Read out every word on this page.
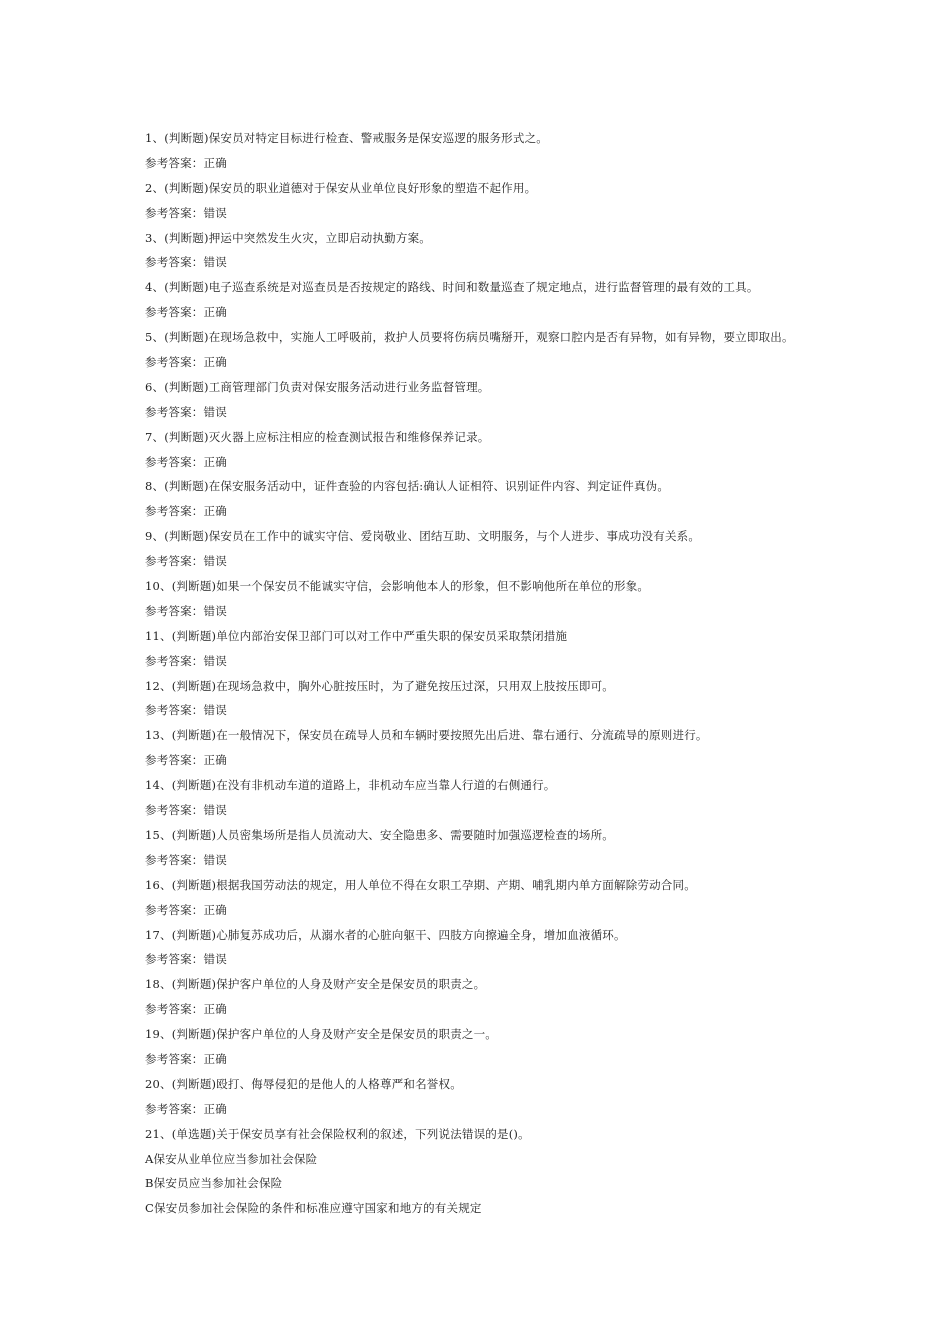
1、(判断题)保安员对特定目标进行检查、警戒服务是保安巡逻的服务形式之。
参考答案：正确
2、(判断题)保安员的职业道德对于保安从业单位良好形象的塑造不起作用。
参考答案：错误
3、(判断题)押运中突然发生火灾，立即启动执勤方案。
参考答案：错误
4、(判断题)电子巡查系统是对巡查员是否按规定的路线、时间和数量巡查了规定地点，进行监督管理的最有效的工具。
参考答案：正确
5、(判断题)在现场急救中，实施人工呼吸前，救护人员要将伤病员嘴掰开，观察口腔内是否有异物，如有异物，要立即取出。
参考答案：正确
6、(判断题)工商管理部门负责对保安服务活动进行业务监督管理。
参考答案：错误
7、(判断题)灭火器上应标注相应的检查测试报告和维修保养记录。
参考答案：正确
8、(判断题)在保安服务活动中，证件查验的内容包括:确认人证相符、识别证件内容、判定证件真伪。
参考答案：正确
9、(判断题)保安员在工作中的诚实守信、爱岗敬业、团结互助、文明服务，与个人进步、事成功没有关系。
参考答案：错误
10、(判断题)如果一个保安员不能诚实守信，会影响他本人的形象，但不影响他所在单位的形象。
参考答案：错误
11、(判断题)单位内部治安保卫部门可以对工作中严重失职的保安员采取禁闭措施
参考答案：错误
12、(判断题)在现场急救中，胸外心脏按压时，为了避免按压过深，只用双上肢按压即可。
参考答案：错误
13、(判断题)在一般情况下，保安员在疏导人员和车辆时要按照先出后进、靠右通行、分流疏导的原则进行。
参考答案：正确
14、(判断题)在没有非机动车道的道路上，非机动车应当靠人行道的右侧通行。
参考答案：错误
15、(判断题)人员密集场所是指人员流动大、安全隐患多、需要随时加强巡逻检查的场所。
参考答案：错误
16、(判断题)根据我国劳动法的规定，用人单位不得在女职工孕期、产期、哺乳期内单方面解除劳动合同。
参考答案：正确
17、(判断题)心肺复苏成功后，从溺水者的心脏向躯干、四肢方向擦遍全身，增加血液循环。
参考答案：错误
18、(判断题)保护客户单位的人身及财产安全是保安员的职责之。
参考答案：正确
19、(判断题)保护客户单位的人身及财产安全是保安员的职责之一。
参考答案：正确
20、(判断题)殴打、侮辱侵犯的是他人的人格尊严和名誉权。
参考答案：正确
21、(单选题)关于保安员享有社会保险权利的叙述，下列说法错误的是()。
A保安从业单位应当参加社会保险
B保安员应当参加社会保险
C保安员参加社会保险的条件和标准应遵守国家和地方的有关规定
